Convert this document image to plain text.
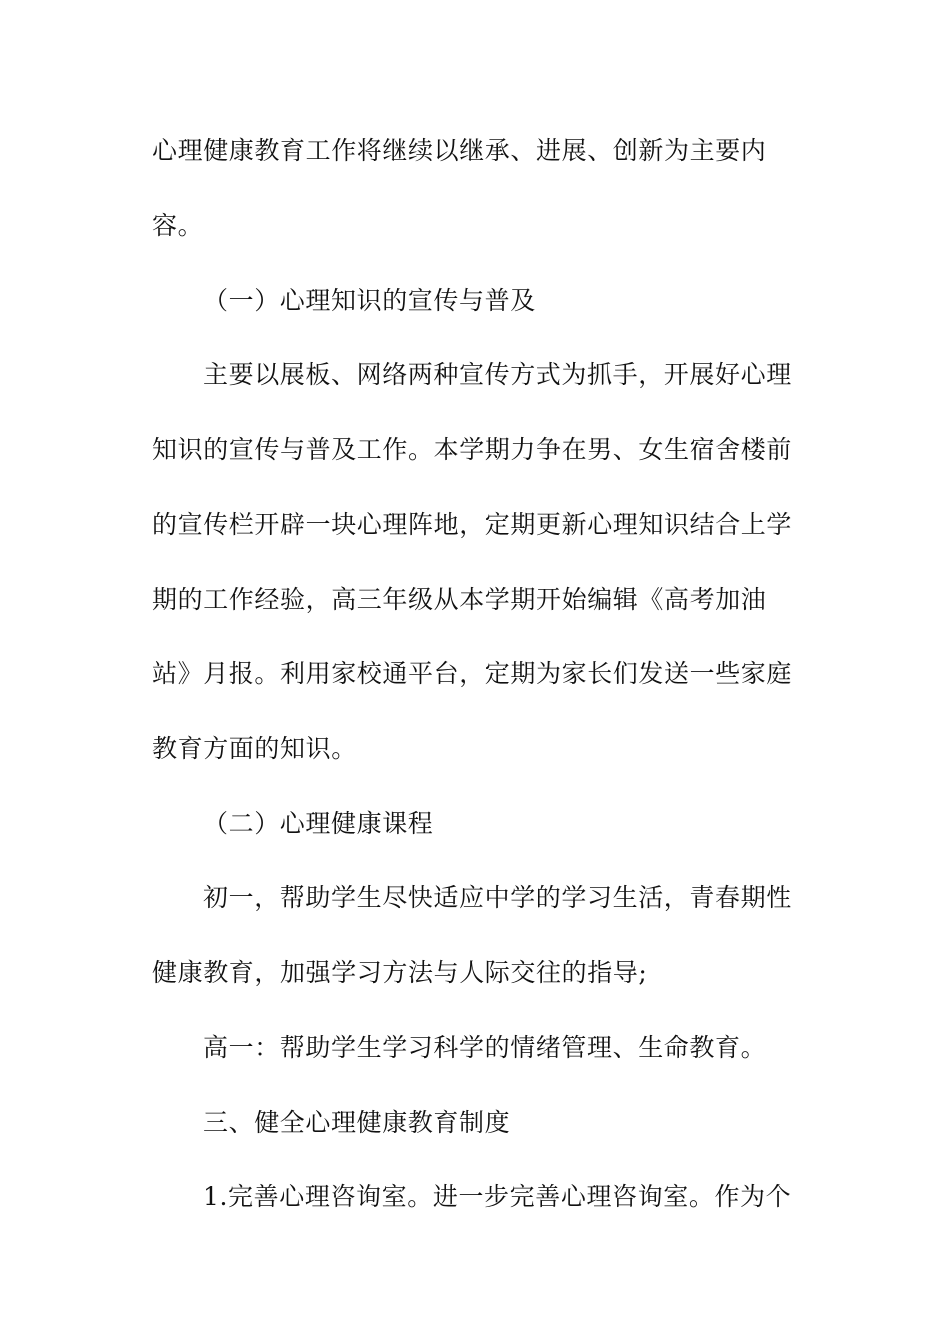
心理健康教育工作将继续以继承、进展、创新为主要内
容。
（一）心理知识的宣传与普及
主要以展板、网络两种宣传方式为抓手，开展好心理
知识的宣传与普及工作。本学期力争在男、女生宿舍楼前
的宣传栏开辟一块心理阵地，定期更新心理知识结合上学
期的工作经验，高三年级从本学期开始编辑《高考加油
站》月报。利用家校通平台，定期为家长们发送一些家庭
教育方面的知识。
（二）心理健康课程
初一，帮助学生尽快适应中学的学习生活，青春期性
健康教育，加强学习方法与人际交往的指导;
高一：帮助学生学习科学的情绪管理、生命教育。
三、健全心理健康教育制度
1.完善心理咨询室。进一步完善心理咨询室。作为个
